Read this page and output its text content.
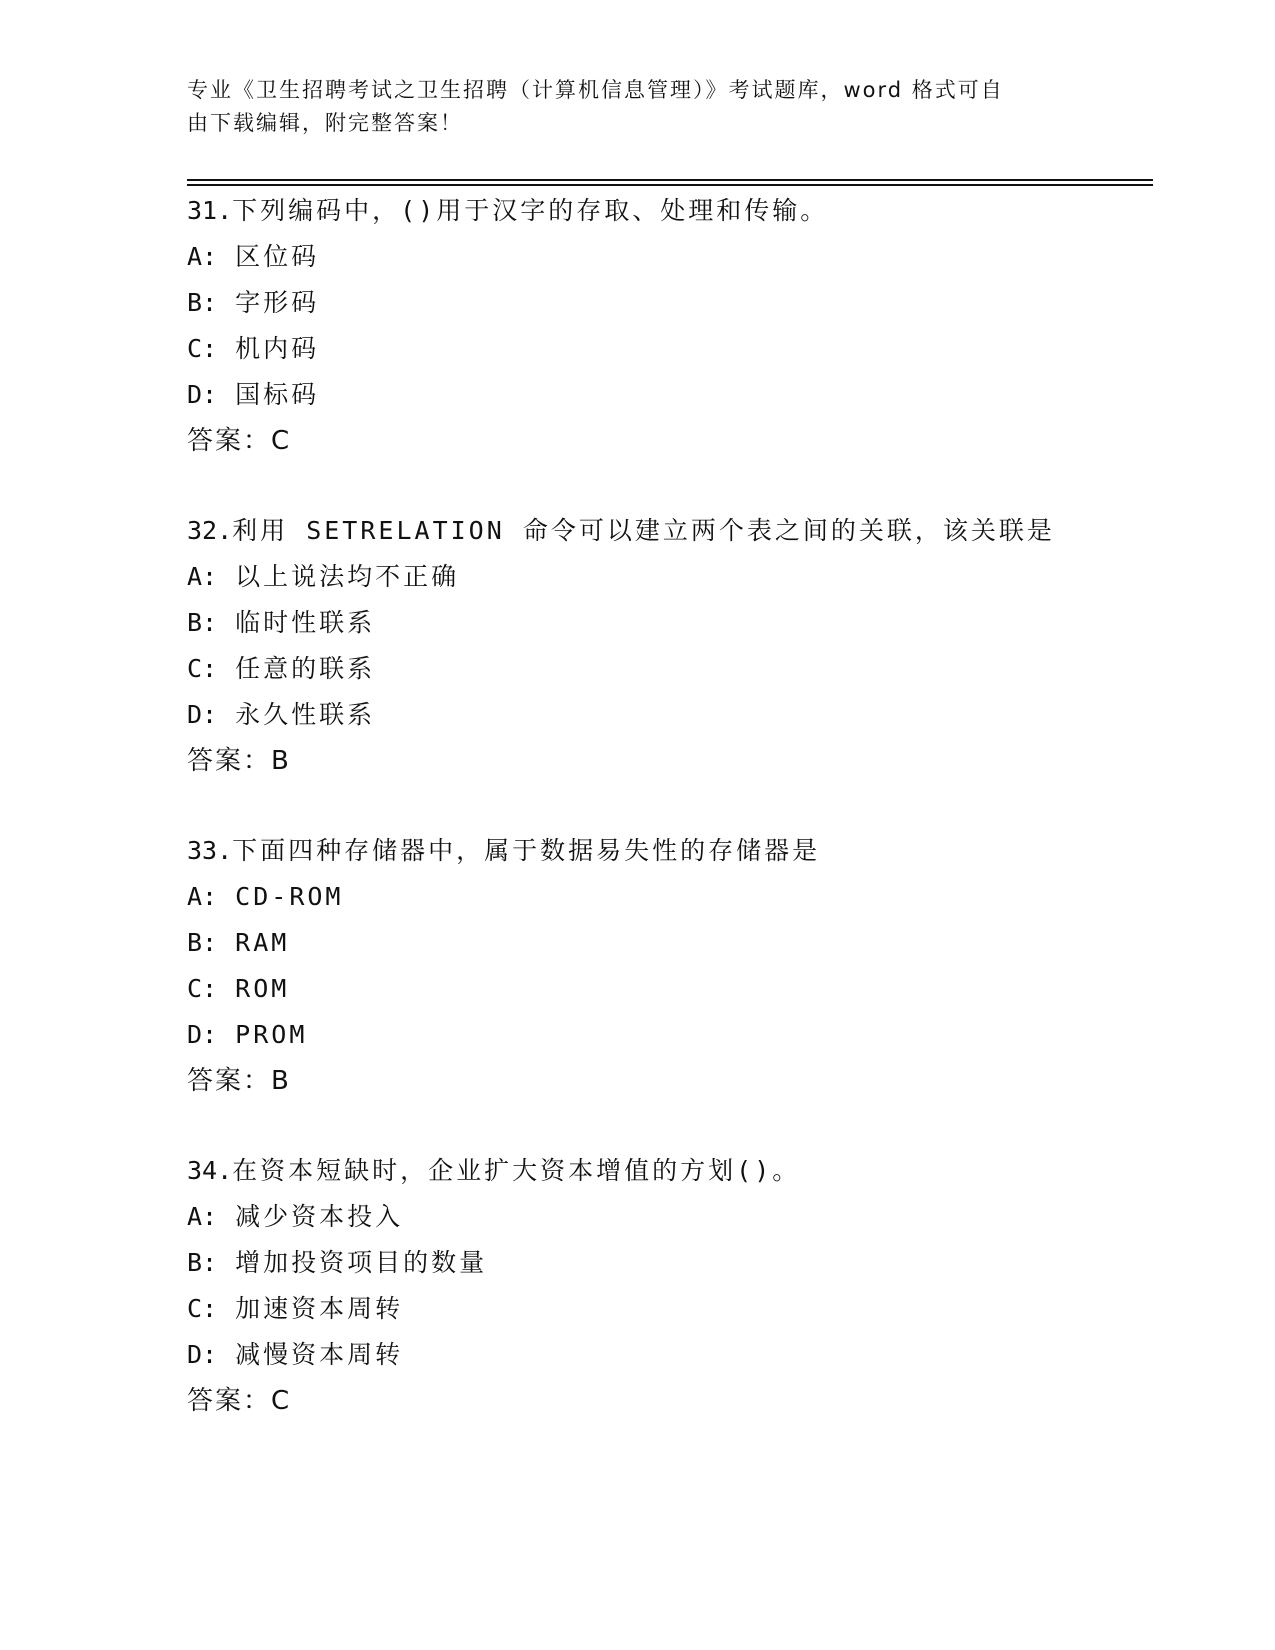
专业《卫生招聘考试之卫生招聘（计算机信息管理）》考试题库，word 格式可自
由下载编辑，附完整答案！
31.下列编码中，()用于汉字的存取、处理和传输。
A: 区位码
B: 字形码
C: 机内码
D: 国标码
答案：C
32.利用 SETRELATION 命令可以建立两个表之间的关联，该关联是
A: 以上说法均不正确
B: 临时性联系
C: 任意的联系
D: 永久性联系
答案：B
33.下面四种存储器中，属于数据易失性的存储器是
A: CD-ROM
B: RAM
C: ROM
D: PROM
答案：B
34.在资本短缺时，企业扩大资本增值的方划()。
A: 减少资本投入
B: 增加投资项目的数量
C: 加速资本周转
D: 减慢资本周转
答案：C
